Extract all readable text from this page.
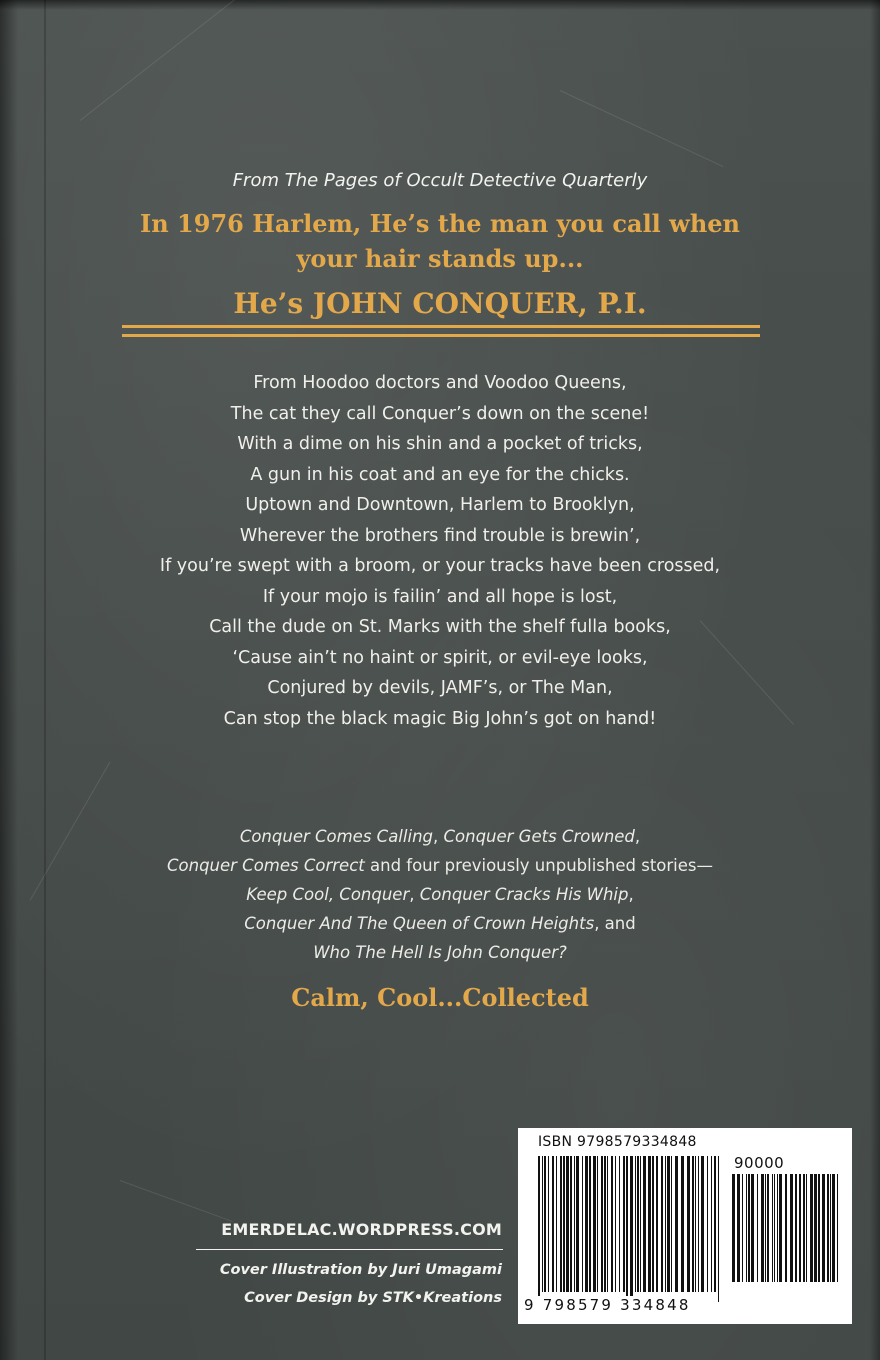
From The Pages of Occult Detective Quarterly
In 1976 Harlem, He’s the man you call when
your hair stands up...
He’s JOHN CONQUER, P.I.
From Hoodoo doctors and Voodoo Queens,
The cat they call Conquer’s down on the scene!
With a dime on his shin and a pocket of tricks,
A gun in his coat and an eye for the chicks.
Uptown and Downtown, Harlem to Brooklyn,
Wherever the brothers find trouble is brewin’,
If you’re swept with a broom, or your tracks have been crossed,
If your mojo is failin’ and all hope is lost,
Call the dude on St. Marks with the shelf fulla books,
‘Cause ain’t no haint or spirit, or evil-eye looks,
Conjured by devils, JAMF’s, or The Man,
Can stop the black magic Big John’s got on hand!
Conquer Comes Calling, Conquer Gets Crowned,
Conquer Comes Correct and four previously unpublished stories—
Keep Cool, Conquer, Conquer Cracks His Whip,
Conquer And The Queen of Crown Heights, and
Who The Hell Is John Conquer?
Calm, Cool...Collected
EMERDELAC.WORDPRESS.COM
Cover Illustration by Juri Umagami
Cover Design by STK•Kreations
ISBN 9798579334848
90000
9 798579 334848
